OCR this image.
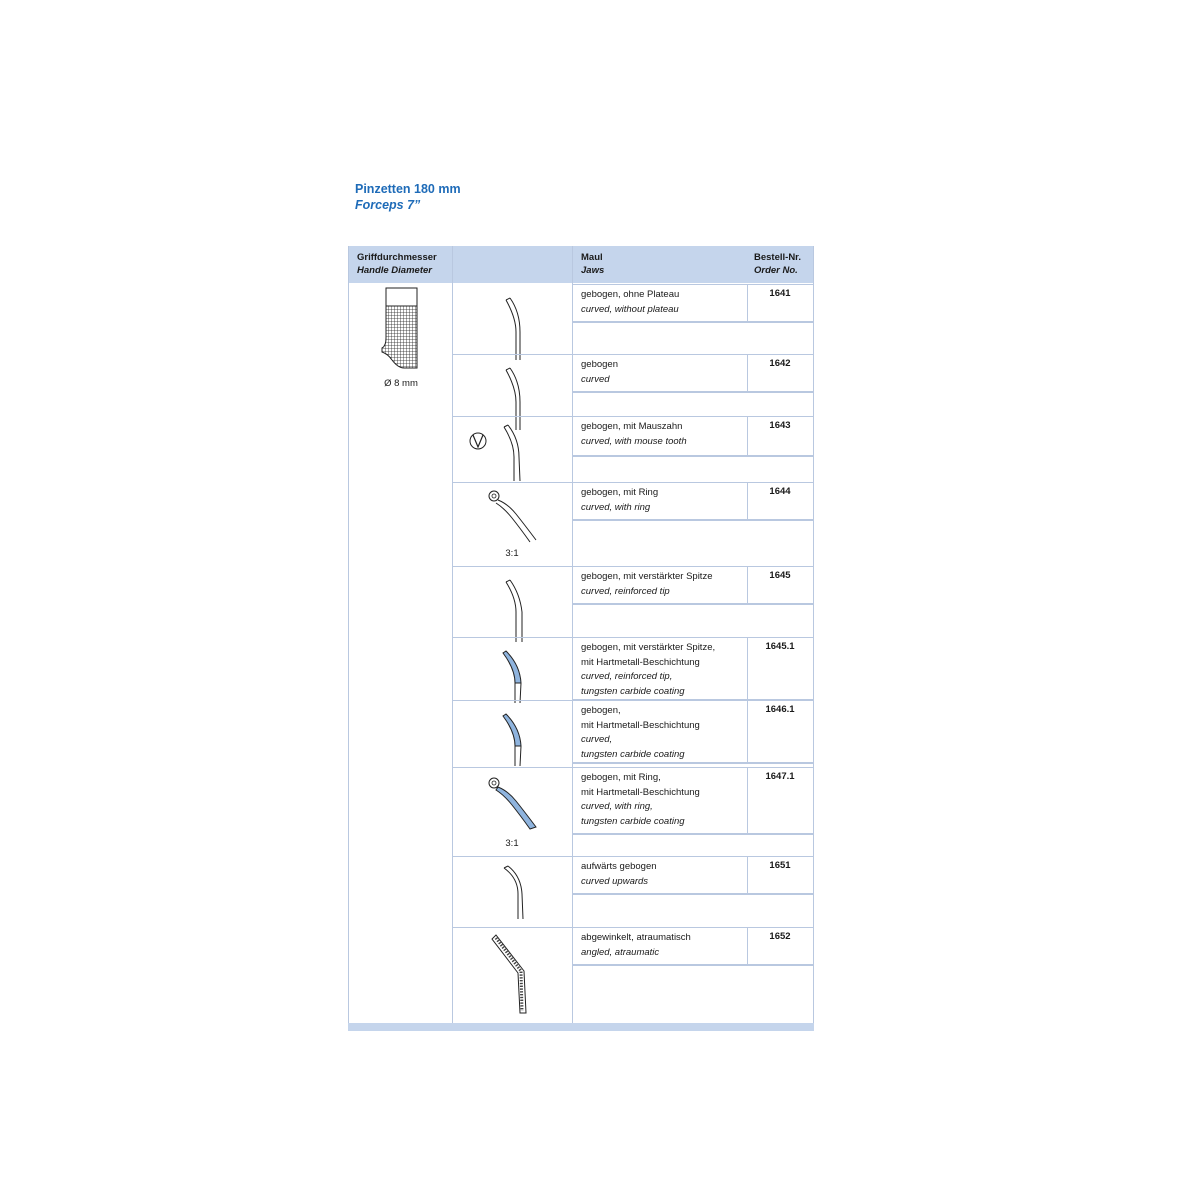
Pinzetten 180 mm
Forceps 7”
Griffdurchmesser
Handle Diameter
Maul
Jaws
Bestell-Nr.
Order No.
Ø 8 mm
gebogen, ohne Plateau
curved, without plateau
1641
gebogen
curved
1642
gebogen, mit Mauszahn
curved, with mouse tooth
1643
gebogen, mit Ring
curved, with ring
1644
3:1
gebogen, mit verstärkter Spitze
curved, reinforced tip
1645
gebogen, mit verstärkter Spitze,
mit Hartmetall-Beschichtung
curved, reinforced tip,
tungsten carbide coating
1645.1
gebogen,
mit Hartmetall-Beschichtung
curved,
tungsten carbide coating
1646.1
gebogen, mit Ring,
mit Hartmetall-Beschichtung
curved, with ring,
tungsten carbide coating
1647.1
3:1
aufwärts gebogen
curved upwards
1651
abgewinkelt, atraumatisch
angled, atraumatic
1652
